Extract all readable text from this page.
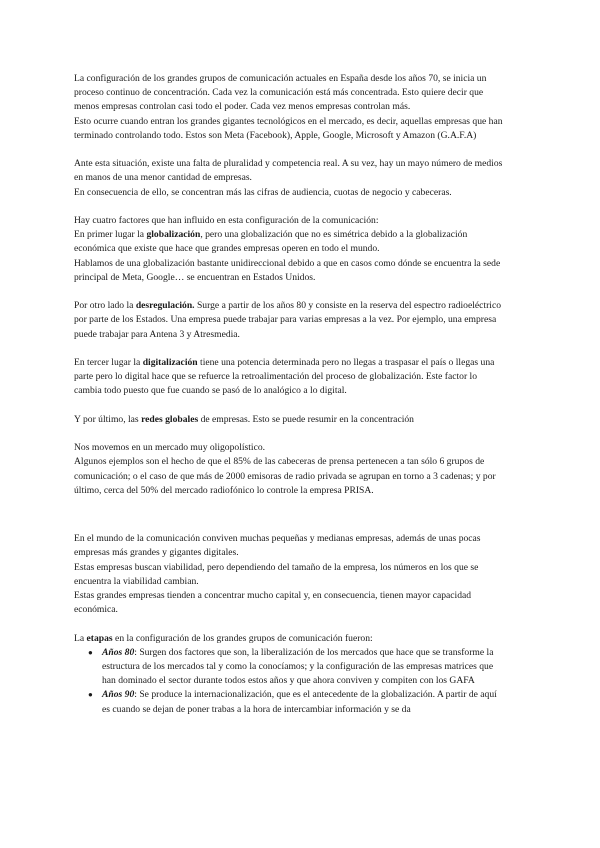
La configuración de los grandes grupos de comunicación actuales en España desde los años 70, se inicia un proceso continuo de concentración. Cada vez la comunicación está más concentrada. Esto quiere decir que menos empresas controlan casi todo el poder. Cada vez menos empresas controlan más.

Esto ocurre cuando entran los grandes gigantes tecnológicos en el mercado, es decir, aquellas empresas que han terminado controlando todo. Estos son Meta (Facebook), Apple, Google, Microsoft y Amazon (G.A.F.A)

Ante esta situación, existe una falta de pluralidad y competencia real. A su vez, hay un mayo número de medios en manos de una menor cantidad de empresas.

En consecuencia de ello, se concentran más las cifras de audiencia, cuotas de negocio y cabeceras.

Hay cuatro factores que han influido en esta configuración de la comunicación:

En primer lugar la globalización, pero una globalización que no es simétrica debido a la globalización económica que existe que hace que grandes empresas operen en todo el mundo.

Hablamos de una globalización bastante unidireccional debido a que en casos como dónde se encuentra la sede principal de Meta, Google… se encuentran en Estados Unidos.

Por otro lado la desregulación. Surge a partir de los años 80 y consiste en la reserva del espectro radioeléctrico por parte de los Estados. Una empresa puede trabajar para varias empresas a la vez. Por ejemplo, una empresa puede trabajar para Antena 3 y Atresmedia.

En tercer lugar la digitalización tiene una potencia determinada pero no llegas a traspasar el país o llegas una parte pero lo digital hace que se refuerce la retroalimentación del proceso de globalización. Este factor lo cambia todo puesto que fue cuando se pasó de lo analógico a lo digital.

Y por último, las redes globales de empresas. Esto se puede resumir en la concentración

Nos movemos en un mercado muy oligopolístico.

Algunos ejemplos son el hecho de que el 85% de las cabeceras de prensa pertenecen a tan sólo 6 grupos de comunicación; o el caso de que más de 2000 emisoras de radio privada se agrupan en torno a 3 cadenas; y por último, cerca del 50% del mercado radiofónico lo controle la empresa PRISA.

En el mundo de la comunicación conviven muchas pequeñas y medianas empresas, además de unas pocas empresas más grandes y gigantes digitales.

Estas empresas buscan viabilidad, pero dependiendo del tamaño de la empresa, los números en los que se encuentra la viabilidad cambian.

Estas grandes empresas tienden a concentrar mucho capital y, en consecuencia, tienen mayor capacidad económica.

La etapas en la configuración de los grandes grupos de comunicación fueron:

● Años 80: Surgen dos factores que son, la liberalización de los mercados que hace que se transforme la estructura de los mercados tal y como la conocíamos; y la configuración de las empresas matrices que han dominado el sector durante todos estos años y que ahora conviven y compiten con los GAFA
● Años 90: Se produce la internacionalización, que es el antecedente de la globalización. A partir de aquí es cuando se dejan de poner trabas a la hora de intercambiar información y se da
